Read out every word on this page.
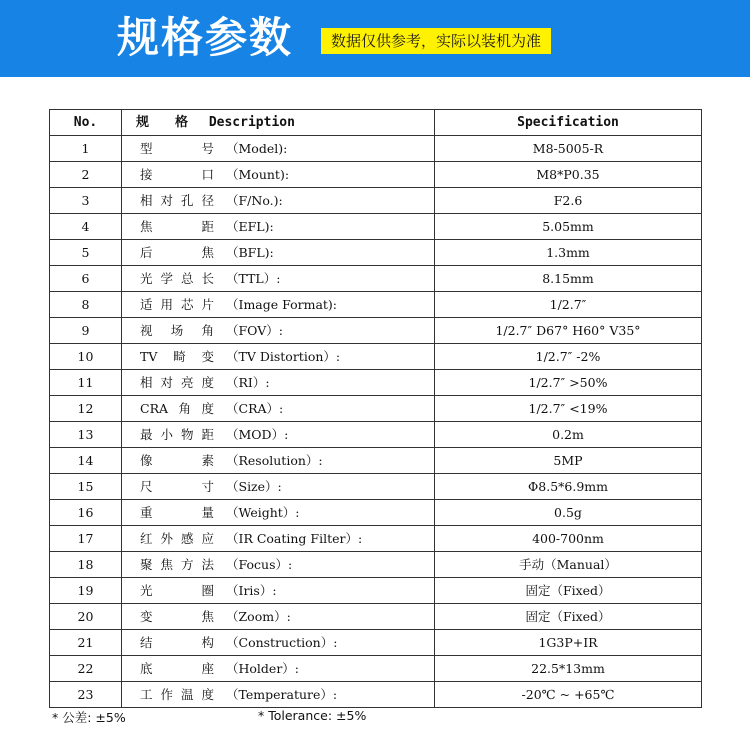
规格参数	数据仅供参考，实际以装机为准
No.	规　　格 Description	Specification
1	型号 （Model):	M8-5005-R
2	接口 （Mount):	M8*P0.35
3	相对孔径 （F/No.):	F2.6
4	焦距 （EFL):	5.05mm
5	后焦 （BFL):	1.3mm
6	光学总长 （TTL）:	8.15mm
8	适用芯片 （Image Format):	1/2.7″
9	视场角 （FOV）:	1/2.7″ D67° H60° V35°
10	TV畸变 （TV Distortion）:	1/2.7″ -2%
11	相对亮度 （RI）:	1/2.7″ >50%
12	CRA角度 （CRA）:	1/2.7″ <19%
13	最小物距 （MOD）:	0.2m
14	像素 （Resolution）:	5MP
15	尺寸 （Size）:	Φ8.5*6.9mm
16	重量 （Weight）:	0.5g
17	红外感应 （IR Coating Filter）:	400-700nm
18	聚焦方法 （Focus）:	手动（Manual）
19	光圈 （Iris）:	固定（Fixed）
20	变焦 （Zoom）:	固定（Fixed）
21	结构 （Construction）:	1G3P+IR
22	底座 （Holder）:	22.5*13mm
23	工作温度 （Temperature）:	-20℃ ~ +65℃
* 公差: ±5%	* Tolerance: ±5%
